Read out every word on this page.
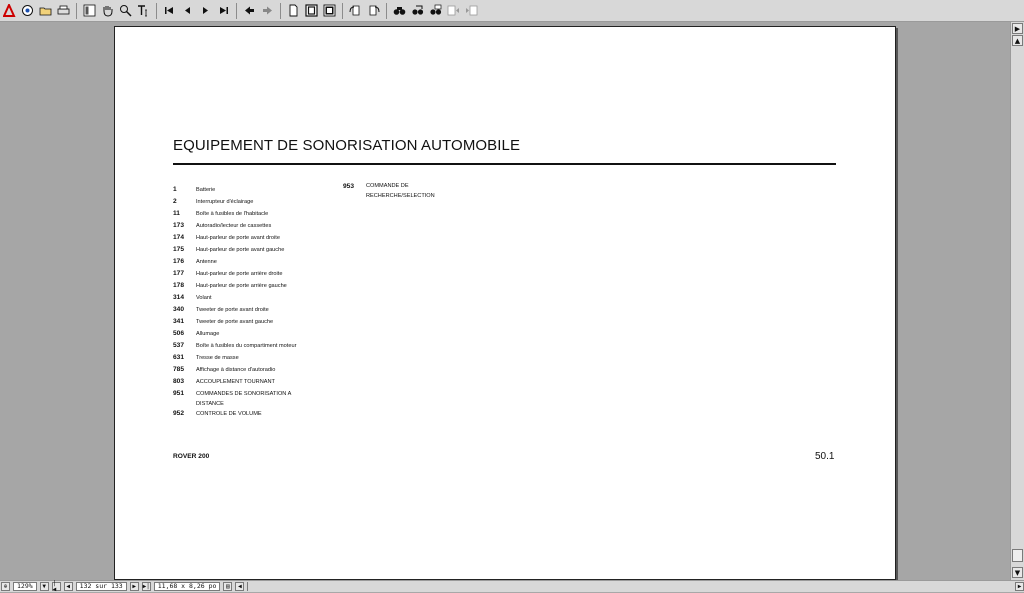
EQUIPEMENT DE SONORISATION AUTOMOBILE
1	Batterie
2	Interrupteur d'éclairage
11	Boîte à fusibles de l'habitacle
173	Autoradio/lecteur de cassettes
174	Haut-parleur de porte avant droite
175	Haut-parleur de porte avant gauche
176	Antenne
177	Haut-parleur de porte arrière droite
178	Haut-parleur de porte arrière gauche
314	Volant
340	Tweeter de porte avant droite
341	Tweeter de porte avant gauche
506	Allumage
537	Boîte à fusibles du compartiment moteur
631	Tresse de masse
785	Affichage à distance d'autoradio
803	ACCOUPLEMENT TOURNANT
951	COMMANDES DE SONORISATION A DISTANCE
952	CONTROLE DE VOLUME
953	COMMANDE DE RECHERCHE/SELECTION
ROVER 200	50.1
▶
▲
▼
⊕	129%	▼	|◀	◀	132 sur 133	▶	▶|	11,68 x 8,26 po	▤	◀	▶
